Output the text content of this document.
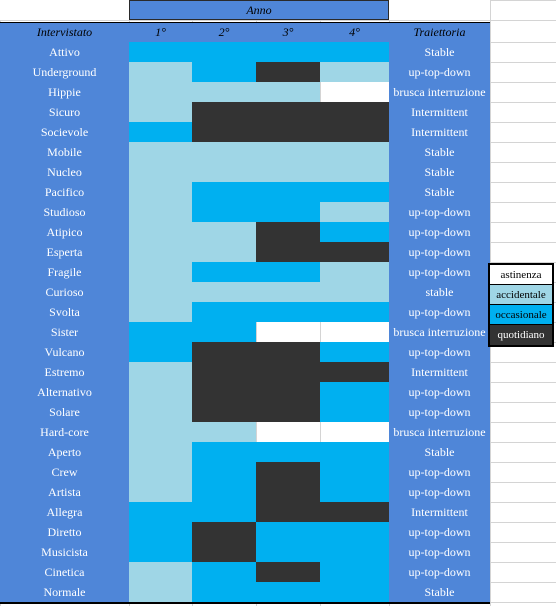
Anno
Intervistato	1°	2°	3°	4°	Traiettoria
Attivo	Stable
Underground	up-top-down
Hippie	brusca interruzione
Sicuro	Intermittent
Socievole	Intermittent
Mobile	Stable
Nucleo	Stable
Pacifico	Stable
Studioso	up-top-down
Atipico	up-top-down
Esperta	up-top-down
Fragile	up-top-down
Curioso	stable
Svolta	up-top-down
Sister	brusca interruzione
Vulcano	up-top-down
Estremo	Intermittent
Alternativo	up-top-down
Solare	up-top-down
Hard-core	brusca interruzione
Aperto	Stable
Crew	up-top-down
Artista	up-top-down
Allegra	Intermittent
Diretto	up-top-down
Musicista	up-top-down
Cinetica	up-top-down
Normale	Stable
astinenza
accidentale
occasionale
quotidiano
